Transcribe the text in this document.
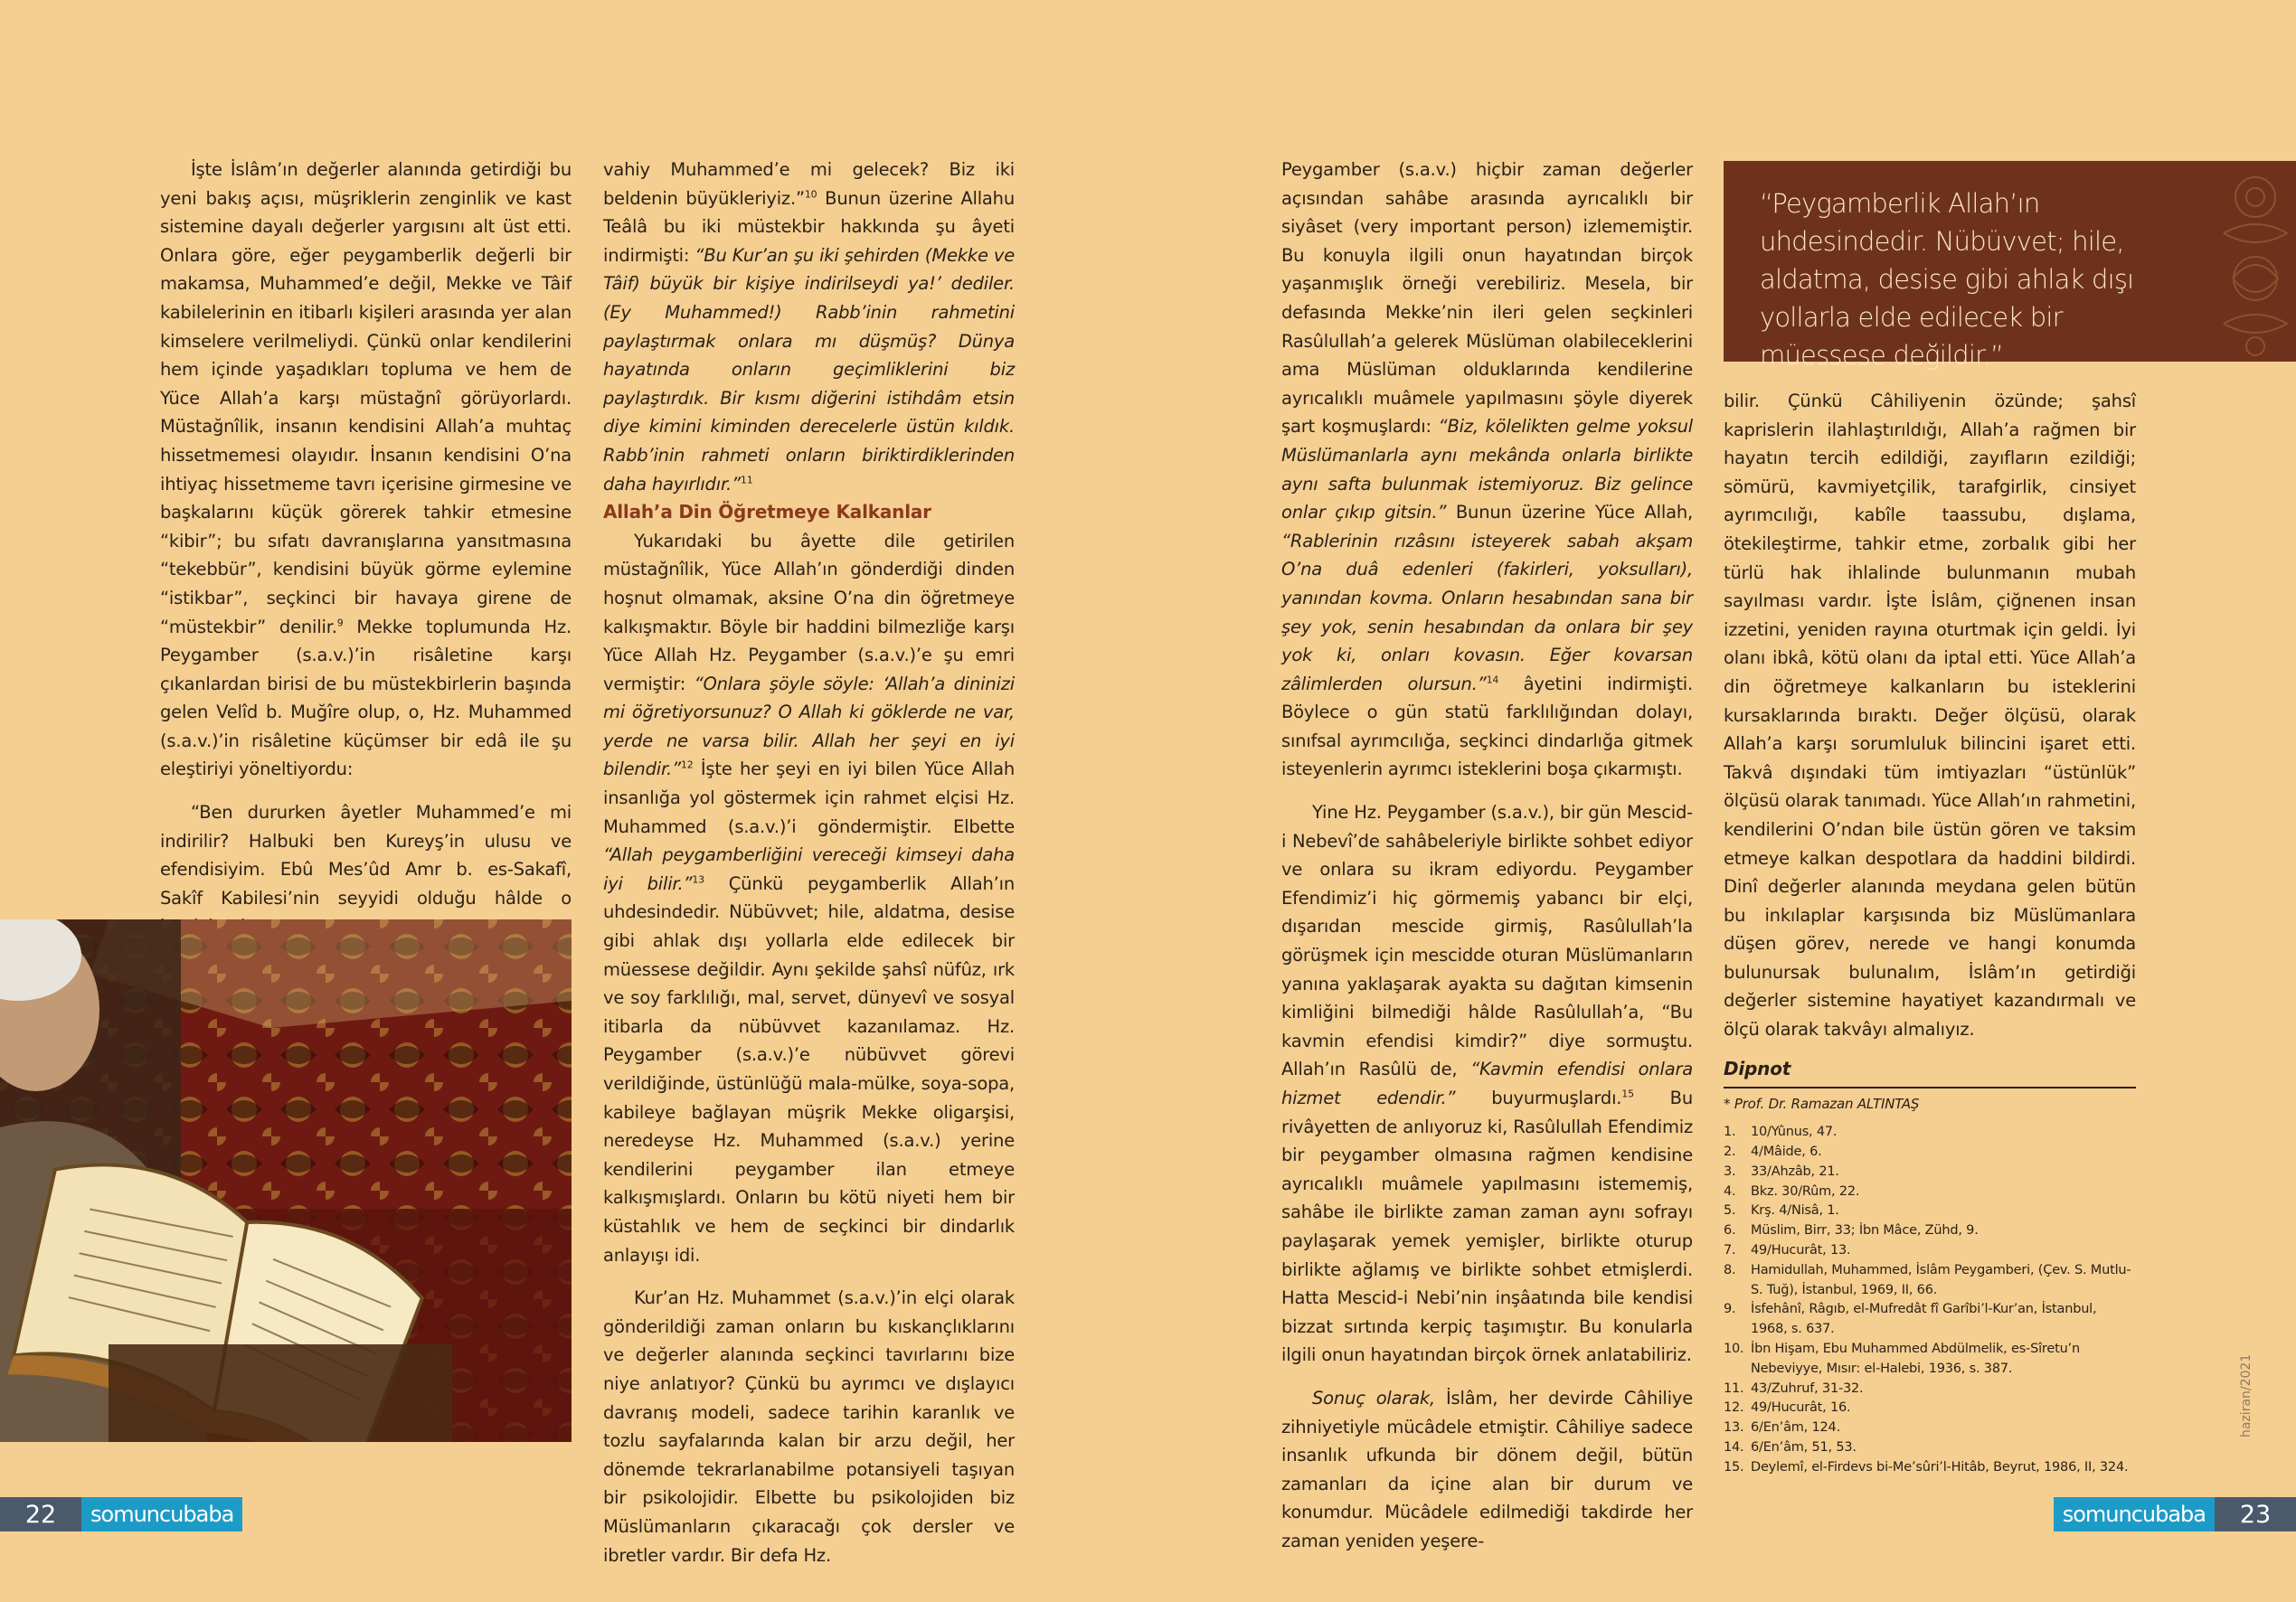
İşte İslâm’ın değerler alanında getirdiği bu yeni bakış açısı, müşriklerin zenginlik ve kast sistemine dayalı değerler yargısını alt üst etti. Onlara göre, eğer peygamberlik değerli bir makamsa, Muhammed’e değil, Mekke ve Tâif kabilelerinin en itibarlı kişileri arasında yer alan kimselere verilmeliydi. Çünkü onlar kendilerini hem içinde yaşadıkları topluma ve hem de Yüce Allah’a karşı müstağnî görüyorlardı. Müstağnîlik, insanın kendisini Allah’a muhtaç hissetmemesi olayıdır. İnsanın kendisini O’na ihtiyaç hissetmeme tavrı içerisine girmesine ve başkalarını küçük görerek tahkir etmesine “kibir”; bu sıfatı davranışlarına yansıtmasına “tekebbür”, kendisini büyük görme eylemine “istikbar”, seçkinci bir havaya girene de “müstekbir” denilir.$^9$ Mekke toplumunda Hz. Peygamber (s.a.v.)’in risâletine karşı çıkanlardan birisi de bu müstekbirlerin başında gelen Velîd b. Muğîre olup, o, Hz. Muhammed (s.a.v.)’in risâletine küçümser bir edâ ile şu eleştiriyi yöneltiyordu:

“Ben dururken âyetler Muhammed’e mi indirilir? Halbuki ben Kureyş’in ulusu ve efendisiyim. Ebû Mes’ûd Amr b. es-Sakafî, Sakîf Kabilesi’nin seyyidi olduğu hâlde o

vahiy Muhammed’e mi gelecek? Biz iki beldenin büyükleriyiz.”$^{10}$ Bunun üzerine Allahu Teâlâ bu iki müstekbir hakkında şu âyeti indirmişti: “Bu Kur’an şu iki şehirden (Mekke ve Tâif) büyük bir kişiye indirilseydi ya!’ dediler. (Ey Muhammed!) Rabb’inin rahmetini paylaştırmak onlara mı düşmüş? Dünya hayatında onların geçimliklerini biz paylaştırdık. Bir kısmı diğerini istihdâm etsin diye kimini kiminden derecelerle üstün kıldık. Rabb’inin rahmeti onların biriktirdiklerinden daha hayırlıdır.”$^{11}$

Allah’a Din Öğretmeye Kalkanlar

Yukarıdaki bu âyette dile getirilen müstağnîlik, Yüce Allah’ın gönderdiği dinden hoşnut olmamak, aksine O’na din öğretmeye kalkışmaktır. Böyle bir haddini bilmezliğe karşı Yüce Allah Hz. Peygamber (s.a.v.)’e şu emri vermiştir: “Onlara şöyle söyle: ‘Allah’a dininizi mi öğretiyorsunuz? O Allah ki göklerde ne var, yerde ne varsa bilir. Allah her şeyi en iyi bilendir.”$^{12}$ İşte her şeyi en iyi bilen Yüce Allah insanlığa yol göstermek için rahmet elçisi Hz. Muhammed (s.a.v.)’i göndermiştir. Elbette “Allah peygamberliğini vereceği kimseyi daha iyi bilir.”$^{13}$ Çünkü peygamberlik Allah’ın uhdesindedir. Nübüvvet; hile, aldatma, desise gibi ahlak dışı yollarla elde edilecek bir müessese değildir. Aynı şekilde şahsî nüfûz, ırk ve soy farklılığı, mal, servet, dünyevî ve sosyal itibarla da nübüvvet kazanılamaz. Hz. Peygamber (s.a.v.)’e nübüvvet görevi verildiğinde, üstünlüğü mala-mülke, soya-sopa, kabileye bağlayan müşrik Mekke oligarşisi, neredeyse Hz. Muhammed (s.a.v.) yerine kendilerini peygamber ilan etmeye kalkışmışlardı. Onların bu kötü niyeti hem bir küstahlık ve hem de seçkinci bir dindarlık anlayışı idi.

Kur’an Hz. Muhammet (s.a.v.)’in elçi olarak gönderildiği zaman onların bu kıskançlıklarını ve değerler alanında seçkinci tavırlarını bize niye anlatıyor? Çünkü bu ayrımcı ve dışlayıcı davranış modeli, sadece tarihin karanlık ve tozlu sayfalarında kalan bir arzu değil, her dönemde tekrarlanabilme potansiyeli taşıyan bir psikolojidir. Elbette bu psikolojiden biz Müslümanların çıkaracağı çok dersler ve ibretler vardır. Bir defa Hz.

Peygamber (s.a.v.) hiçbir zaman değerler açısından sahâbe arasında ayrıcalıklı bir siyâset (very important person) izlememiştir. Bu konuyla ilgili onun hayatından birçok yaşanmışlık örneği verebiliriz. Mesela, bir defasında Mekke’nin ileri gelen seçkinleri Rasûlullah’a gelerek Müslüman olabileceklerini ama Müslüman olduklarında kendilerine ayrıcalıklı muâmele yapılmasını şöyle diyerek şart koşmuşlardı: “Biz, kölelikten gelme yoksul Müslümanlarla aynı mekânda onlarla birlikte aynı safta bulunmak istemiyoruz. Biz gelince onlar çıkıp gitsin.” Bunun üzerine Yüce Allah, “Rablerinin rızâsını isteyerek sabah akşam O’na duâ edenleri (fakirleri, yoksulları), yanından kovma. Onların hesabından sana bir şey yok, senin hesabından da onlara bir şey yok ki, onları kovasın. Eğer kovarsan zâlimlerden olursun.”$^{14}$ âyetini indirmişti. Böylece o gün statü farklılığından dolayı, sınıfsal ayrımcılığa, seçkinci dindarlığa gitmek isteyenlerin ayrımcı isteklerini boşa çıkarmıştı.

Yine Hz. Peygamber (s.a.v.), bir gün Mescid-i Nebevî’de sahâbeleriyle birlikte sohbet ediyor ve onlara su ikram ediyordu. Peygamber Efendimiz’i hiç görmemiş yabancı bir elçi, dışarıdan mescide girmiş, Rasûlullah’la görüşmek için mescidde oturan Müslümanların yanına yaklaşarak ayakta su dağıtan kimsenin kimliğini bilmediği hâlde Rasûlullah’a, “Bu kavmin efendisi kimdir?” diye sormuştu. Allah’ın Rasûlü de, “Kavmin efendisi onlara hizmet edendir.” buyurmuşlardı.$^{15}$ Bu rivâyetten de anlıyoruz ki, Rasûlullah Efendimiz bir peygamber olmasına rağmen kendisine ayrıcalıklı muâmele yapılmasını istememiş, sahâbe ile birlikte zaman zaman aynı sofrayı paylaşarak yemek yemişler, birlikte oturup birlikte ağlamış ve birlikte sohbet etmişlerdi. Hatta Mescid-i Nebi’nin inşâatında bile kendisi bizzat sırtında kerpiç taşımıştır. Bu konularla ilgili onun hayatından birçok örnek anlatabiliriz.

Sonuç olarak, İslâm, her devirde Câhiliye zihniyetiyle mücâdele etmiştir. Câhiliye sadece insanlık ufkunda bir dönem değil, bütün zamanları da içine alan bir durum ve konumdur. Mücâdele edilmediği takdirde her zaman yeniden yeşere-

“Peygamberlik Allah’ın uhdesindedir. Nübüvvet; hile, aldatma, desise gibi ahlak dışı yollarla elde edilecek bir müessese değildir.”

bilir. Çünkü Câhiliyenin özünde; şahsî kaprislerin ilahlaştırıldığı, Allah’a rağmen bir hayatın tercih edildiği, zayıfların ezildiği; sömürü, kavmiyetçilik, tarafgirlik, cinsiyet ayrımcılığı, kabîle taassubu, dışlama, ötekileştirme, tahkir etme, zorbalık gibi her türlü hak ihlalinde bulunmanın mubah sayılması vardır. İşte İslâm, çiğnenen insan izzetini, yeniden rayına oturtmak için geldi. İyi olanı ibkâ, kötü olanı da iptal etti. Yüce Allah’a din öğretmeye kalkanların bu isteklerini kursaklarında bıraktı. Değer ölçüsü, olarak Allah’a karşı sorumluluk bilincini işaret etti. Takvâ dışındaki tüm imtiyazları “üstünlük” ölçüsü olarak tanımadı. Yüce Allah’ın rahmetini, kendilerini O’ndan bile üstün gören ve taksim etmeye kalkan despotlara da haddini bildirdi. Dinî değerler alanında meydana gelen bütün bu inkılaplar karşısında biz Müslümanlara düşen görev, nerede ve hangi konumda bulunursak bulunalım, İslâm’ın getirdiği değerler sistemine hayatiyet kazandırmalı ve ölçü olarak takvâyı almalıyız.

Dipnot
* Prof. Dr. Ramazan ALTINTAŞ
1.	10/Yûnus, 47.
2.	4/Mâide, 6.
3.	33/Ahzâb, 21.
4.	Bkz. 30/Rûm, 22.
5.	Krş. 4/Nisâ, 1.
6.	Müslim, Birr, 33; İbn Mâce, Zühd, 9.
7.	49/Hucurât, 13.
8.	Hamidullah, Muhammed, İslâm Peygamberi, (Çev. S. Mutlu-S. Tuğ), İstanbul, 1969, II, 66.
9.	İsfehânî, Râgıb, el-Mufredât fî Garîbi’l-Kur’an, İstanbul, 1968, s. 637.
10. İbn Hişam, Ebu Muhammed Abdülmelik, es-Sîretu’n Nebeviyye, Mısır: el-Halebi, 1936, s. 387.
11. 43/Zuhruf, 31-32.
12. 49/Hucurât, 16.
13. 6/En’âm, 124.
14. 6/En’âm, 51, 53.
15. Deylemî, el-Firdevs bi-Me’sûri’l-Hitâb, Beyrut, 1986, II, 324.
haziran/2021
22	somuncubaba	somuncubaba	23
